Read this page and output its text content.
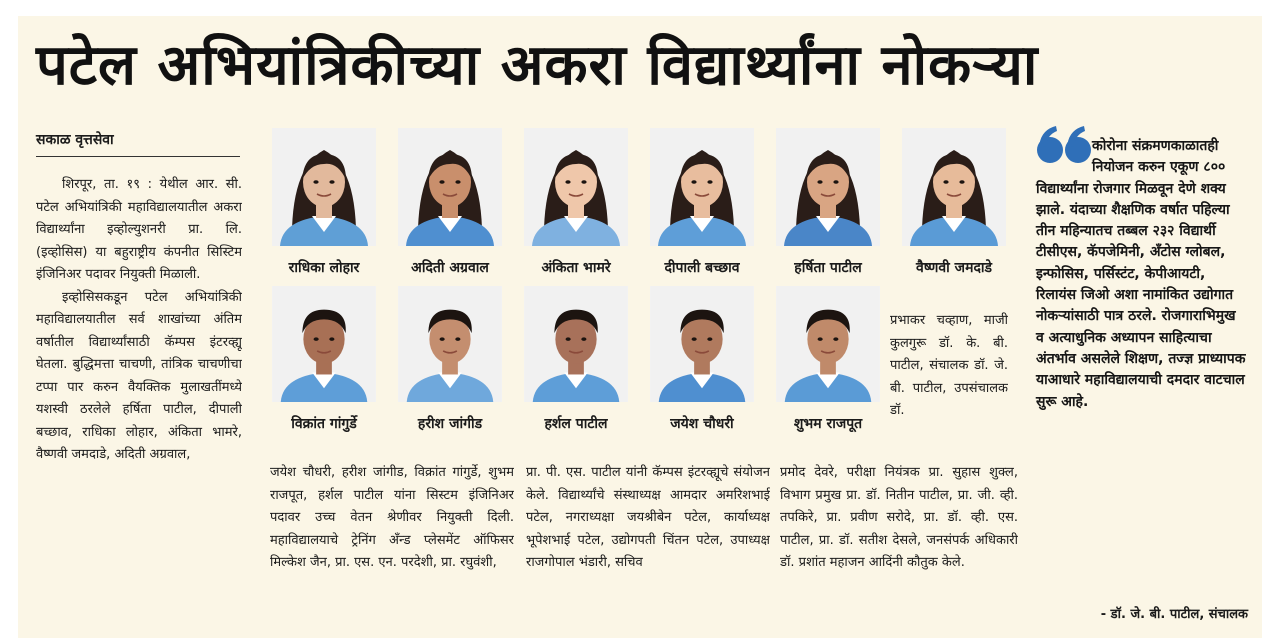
पटेल अभियांत्रिकीच्या अकरा विद्यार्थ्यांना नोकऱ्या
सकाळ वृत्तसेवा

शिरपूर, ता. १९ : येथील आर. सी. पटेल अभियांत्रिकी महाविद्यालयातील अकरा विद्यार्थ्यांना इव्होल्युशनरी प्रा. लि. (इव्होसिस) या बहुराष्ट्रीय कंपनीत सिस्टिम इंजिनिअर पदावर नियुक्ती मिळाली.

इव्होसिसकडून पटेल अभियांत्रिकी महाविद्यालयातील सर्व शाखांच्या अंतिम वर्षातील विद्यार्थ्यांसाठी कॅम्पस इंटरव्ह्यू घेतला. बुद्धिमत्ता चाचणी, तांत्रिक चाचणीचा टप्पा पार करुन वैयक्तिक मुलाखतींमध्ये यशस्वी ठरलेले हर्षिता पाटील, दीपाली बच्छाव, राधिका लोहार, अंकिता भामरे, वैष्णवी जमदाडे, अदिती अग्रवाल,

राधिका लोहार	अदिती अग्रवाल	अंकिता भामरे	दीपाली बच्छाव	हर्षिता पाटील	वैष्णवी जमदाडे
विक्रांत गांगुर्डे	हरीश जांगीड	हर्शल पाटील	जयेश चौधरी	शुभम राजपूत
प्रभाकर चव्हाण, माजी कुलगुरू डॉ. के. बी. पाटील, संचालक डॉ. जे. बी. पाटील, उपसंचालक डॉ.
जयेश चौधरी, हरीश जांगीड, विक्रांत गांगुर्डे, शुभम राजपूत, हर्शल पाटील यांना सिस्टम इंजिनिअर पदावर उच्च वेतन श्रेणीवर नियुक्ती दिली. महाविद्यालयाचे ट्रेनिंग अँन्ड प्लेसमेंट ऑफिसर मिल्केश जैन, प्रा. एस. एन. परदेशी, प्रा. रघुवंशी,
प्रा. पी. एस. पाटील यांनी कॅम्पस इंटरव्ह्यूचे संयोजन केले. विद्यार्थ्यांचे संस्थाध्यक्ष आमदार अमरिशभाई पटेल, नगराध्यक्षा जयश्रीबेन पटेल, कार्याध्यक्ष भूपेशभाई पटेल, उद्योगपती चिंतन पटेल, उपाध्यक्ष राजगोपाल भंडारी, सचिव
प्रमोद देवरे, परीक्षा नियंत्रक प्रा. सुहास शुक्ल, विभाग प्रमुख प्रा. डॉ. नितीन पाटील, प्रा. जी. व्ही. तपकिरे, प्रा. प्रवीण सरोदे, प्रा. डॉ. व्ही. एस. पाटील, प्रा. डॉ. सतीश देसले, जनसंपर्क अधिकारी डॉ. प्रशांत महाजन आदिंनी कौतुक केले.
कोरोना संक्रमणकाळातही नियोजन करुन एकूण ८०० विद्यार्थ्यांना रोजगार मिळवून देणे शक्य झाले. यंदाच्या शैक्षणिक वर्षात पहिल्या तीन महिन्यातच तब्बल २३२ विद्यार्थी टीसीएस, कॅपजेमिनी, अँटोस ग्लोबल, इन्फोसिस, पर्सिस्टंट, केपीआयटी, रिलायंस जिओ अशा नामांकित उद्योगात नोकऱ्यांसाठी पात्र ठरले. रोजगाराभिमुख व अत्याधुनिक अध्यापन साहित्याचा अंतर्भाव असलेले शिक्षण, तज्ज्ञ प्राध्यापक याआधारे महाविद्यालयाची दमदार वाटचाल सुरू आहे.
- डॉ. जे. बी. पाटील, संचालक
